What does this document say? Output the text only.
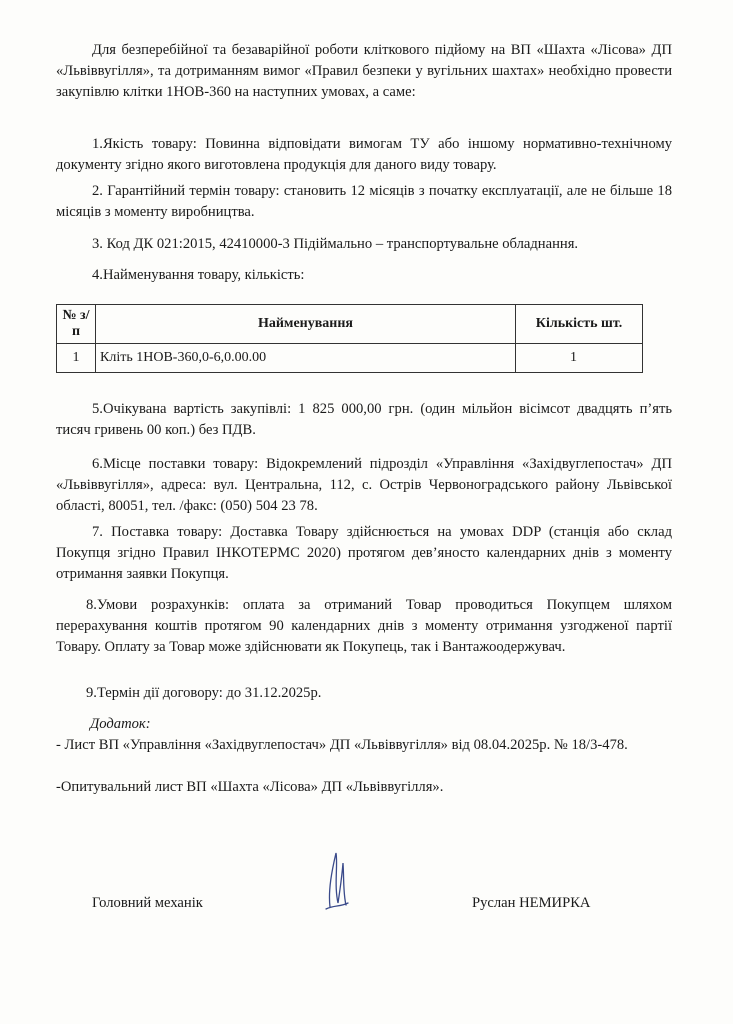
Для безперебійної та безаварійної роботи кліткового підйому на ВП «Шахта «Лісова» ДП «Львіввугілля», та дотриманням вимог «Правил безпеки у вугільних шахтах» необхідно провести закупівлю клітки 1НОВ-360 на наступних умовах, а саме:

1.Якість товару: Повинна відповідати вимогам ТУ або іншому нормативно-технічному документу згідно якого виготовлена продукція для даного виду товару.

2. Гарантійний термін товару: становить 12 місяців з початку експлуатації, але не більше 18 місяців з моменту виробництва.

3. Код ДК 021:2015, 42410000-3 Підіймально – транспортувальне обладнання.

4.Найменування товару, кількість:

№ з/п	Найменування	Кількість шт.
1	Кліть 1НОВ-360,0-6,0.00.00	1

5.Очікувана вартість закупівлі: 1 825 000,00 грн. (один мільйон вісімсот двадцять п’ять тисяч гривень 00 коп.) без ПДВ.

6.Місце поставки товару: Відокремлений підрозділ «Управління «Західвуглепостач» ДП «Львіввугілля», адреса: вул. Центральна, 112, с. Острів Червоноградського району Львівської області, 80051, тел. /факс: (050) 504 23 78.

7. Поставка товару: Доставка Товару здійснюється на умовах DDP (станція або склад Покупця згідно Правил ІНКОТЕРМС 2020) протягом дев’яносто календарних днів з моменту отримання заявки Покупця.

8.Умови розрахунків: оплата за отриманий Товар проводиться Покупцем шляхом перерахування коштів протягом 90 календарних днів з моменту отримання узгодженої партії Товару. Оплату за Товар може здійснювати як Покупець, так і Вантажоодержувач.

9.Термін дії договору: до 31.12.2025р.

Додаток:

- Лист ВП «Управління «Західвуглепостач» ДП «Львіввугілля» від 08.04.2025р. № 18/3-478.

-Опитувальний лист ВП «Шахта «Лісова» ДП «Львіввугілля».

Головний механік	Руслан НЕМИРКА
